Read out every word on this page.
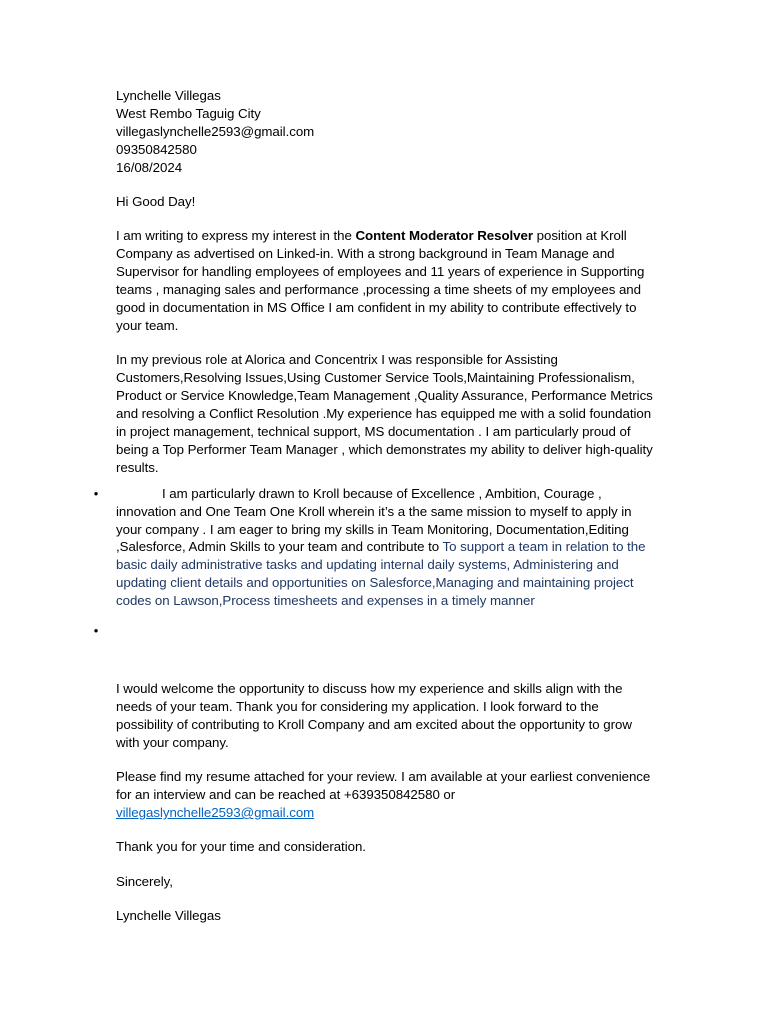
Lynchelle Villegas
West Rembo Taguig City
villegaslynchelle2593@gmail.com
09350842580
16/08/2024

Hi Good Day!

I am writing to express my interest in the Content Moderator Resolver position at Kroll Company as advertised on Linked-in. With a strong background in Team Manage and Supervisor for handling employees of employees and 11 years of experience in Supporting teams , managing sales and performance ,processing a time sheets of my employees and good in documentation in MS Office I am confident in my ability to contribute effectively to your team.

In my previous role at Alorica and Concentrix I was responsible for Assisting Customers,Resolving Issues,Using Customer Service Tools,Maintaining Professionalism, Product or Service Knowledge,Team Management ,Quality Assurance, Performance Metrics and resolving a Conflict Resolution .My experience has equipped me with a solid foundation in project management, technical support, MS documentation . I am particularly proud of being a Top Performer Team Manager , which demonstrates my ability to deliver high-quality results.

•	I am particularly drawn to Kroll because of Excellence , Ambition, Courage , innovation and One Team One Kroll wherein it’s a the same mission to myself to apply in your company . I am eager to bring my skills in Team Monitoring, Documentation,Editing ,Salesforce, Admin Skills to your team and contribute to To support a team in relation to the basic daily administrative tasks and updating internal daily systems, Administering and updating client details and opportunities on Salesforce,Managing and maintaining project codes on Lawson,Process timesheets and expenses in a timely manner

•

I would welcome the opportunity to discuss how my experience and skills align with the needs of your team. Thank you for considering my application. I look forward to the possibility of contributing to Kroll Company and am excited about the opportunity to grow with your company.

Please find my resume attached for your review. I am available at your earliest convenience for an interview and can be reached at +639350842580 or
villegaslynchelle2593@gmail.com

Thank you for your time and consideration.

Sincerely,

Lynchelle Villegas
